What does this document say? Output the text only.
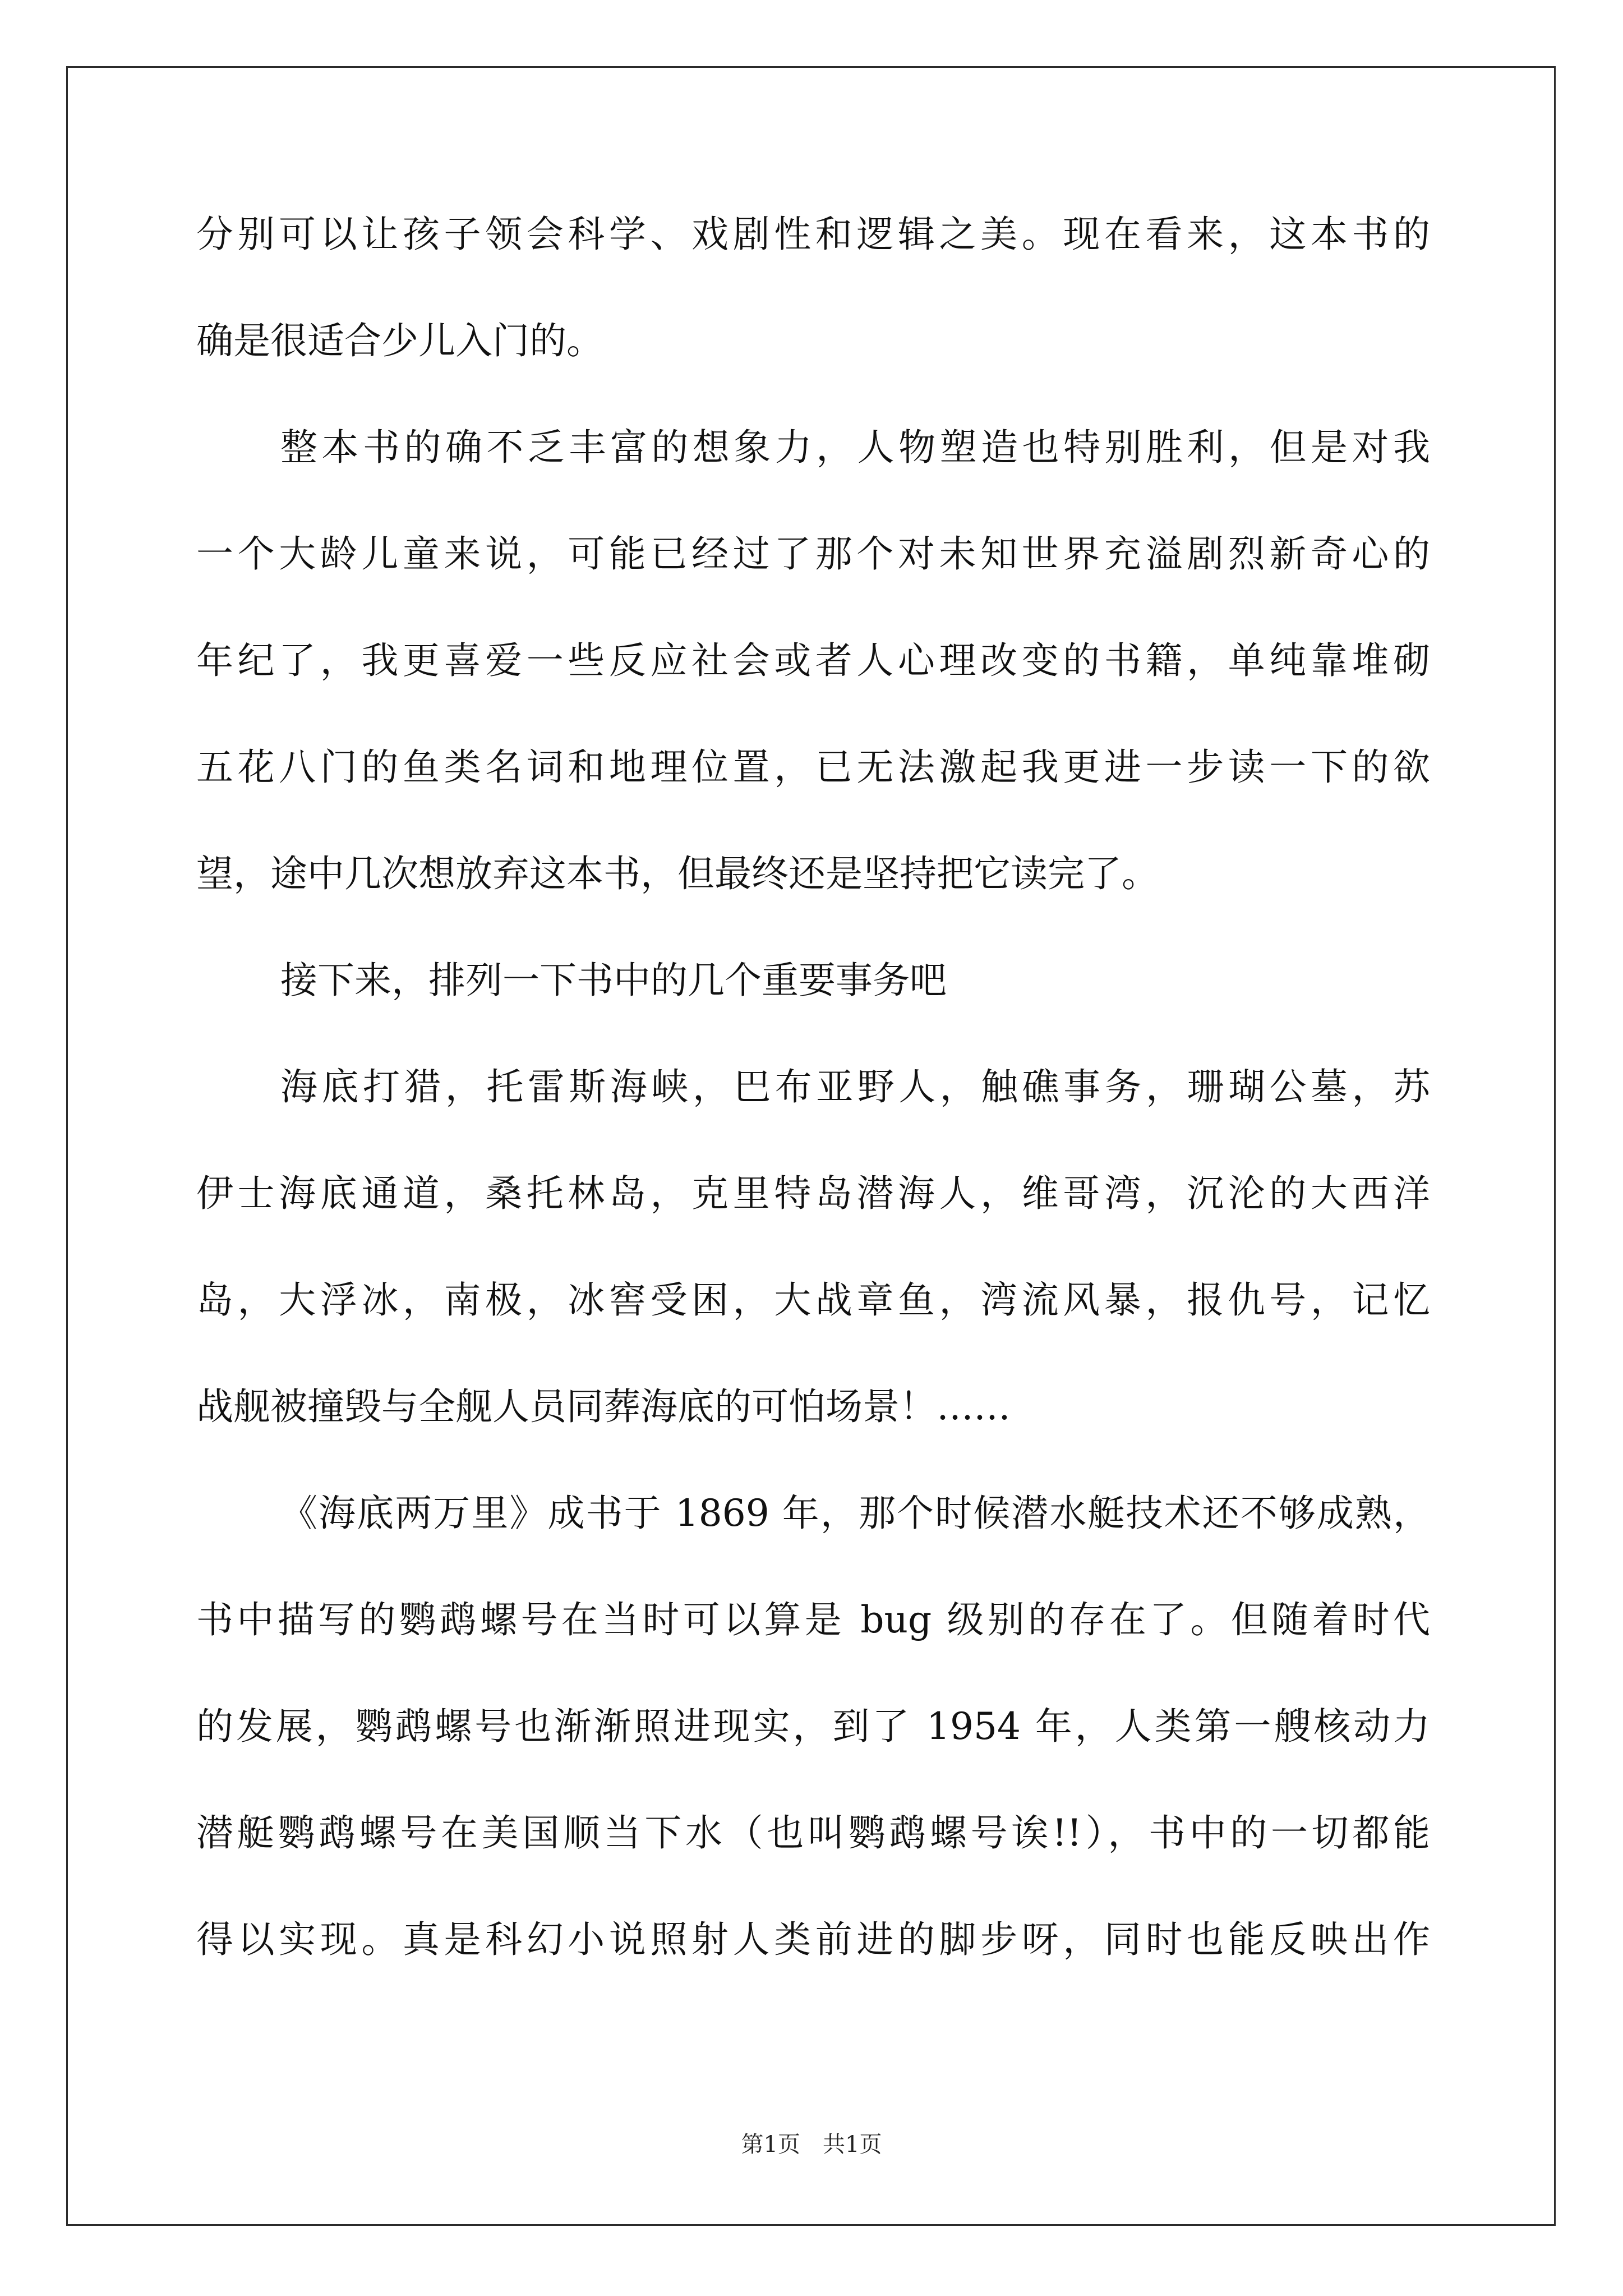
分别可以让孩子领会科学、戏剧性和逻辑之美。现在看来，这本书的

确是很适合少儿入门的。

整本书的确不乏丰富的想象力，人物塑造也特别胜利，但是对我

一个大龄儿童来说，可能已经过了那个对未知世界充溢剧烈新奇心的

年纪了，我更喜爱一些反应社会或者人心理改变的书籍，单纯靠堆砌

五花八门的鱼类名词和地理位置，已无法激起我更进一步读一下的欲

望，途中几次想放弃这本书，但最终还是坚持把它读完了。

接下来，排列一下书中的几个重要事务吧

海底打猎，托雷斯海峡，巴布亚野人，触礁事务，珊瑚公墓，苏

伊士海底通道，桑托林岛，克里特岛潜海人，维哥湾，沉沦的大西洋

岛，大浮冰，南极，冰窖受困，大战章鱼，湾流风暴，报仇号，记忆

战舰被撞毁与全舰人员同葬海底的可怕场景！……

《海底两万里》成书于 1869 年，那个时候潜水艇技术还不够成熟，

书中描写的鹦鹉螺号在当时可以算是 bug 级别的存在了。但随着时代

的发展，鹦鹉螺号也渐渐照进现实，到了 1954 年，人类第一艘核动力

潜艇鹦鹉螺号在美国顺当下水（也叫鹦鹉螺号诶!!），书中的一切都能

得以实现。真是科幻小说照射人类前进的脚步呀，同时也能反映出作

第1页　共1页
